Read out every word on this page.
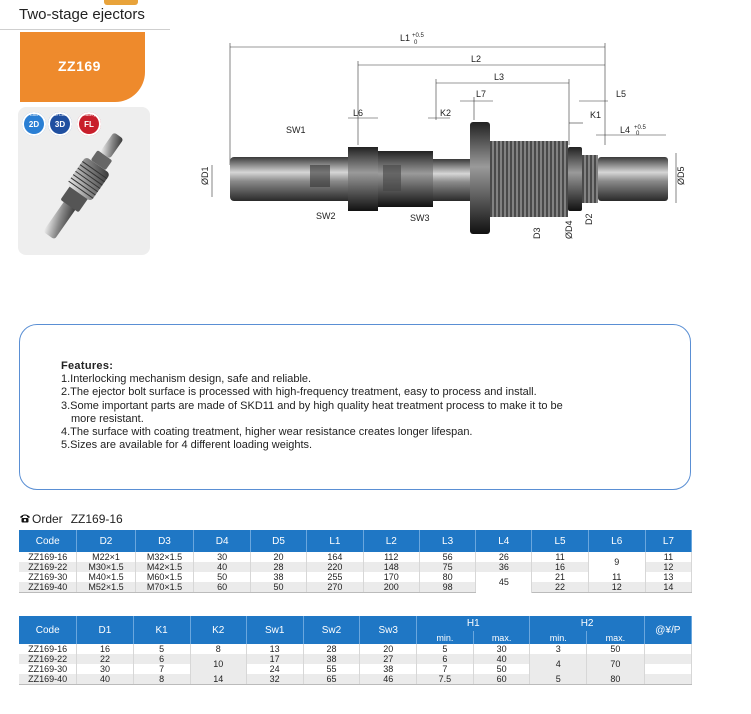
Two-stage ejectors
ZZ169
CAD
2D
3D CAD
3D
Gallery
FL
L1 +0.5
0
L2
L3
L7	L5
L6	K2	K1
L4 +0.5
0
SW1
SW2	SW3
ØD1	ØD5
D3 ØD4
D2
Features:
1.Interlocking mechanism design, safe and reliable.
2.The ejector bolt surface is processed with high-frequency treatment, easy to process and install.
3.Some important parts are made of SKD11 and by high quality heat treatment process to make it to be
more resistant.
4.The surface with coating treatment, higher wear resistance creates longer lifespan.
5.Sizes are available for 4 different loading weights.
Order ZZ169-16
Code	D2	D3	D4	D5	L1	L2	L3	L4	L5	L6	L7
ZZ169-16	M22×1	M32×1.5	30	20	164	112	56	26	11	9	11
ZZ169-22	M30×1.5	M42×1.5	40	28	220	148	75	36	16		12
ZZ169-30	M40×1.5	M60×1.5	50	38	255	170	80	45	21	11	13
ZZ169-40	M52×1.5	M70×1.5	60	50	270	200	98		22	12	14
Code	D1	K1	K2	Sw1	Sw2	Sw3	H1		H2		@¥/P
							min.	max.	min.	max.	
ZZ169-16	16	5	8	13	28	20	5	30	3	50	
ZZ169-22	22	6	10	17	38	27	6	40	4	70	
ZZ169-30	30	7		24	55	38	7	50			
ZZ169-40	40	8	14	32	65	46	7.5	60	5	80	
